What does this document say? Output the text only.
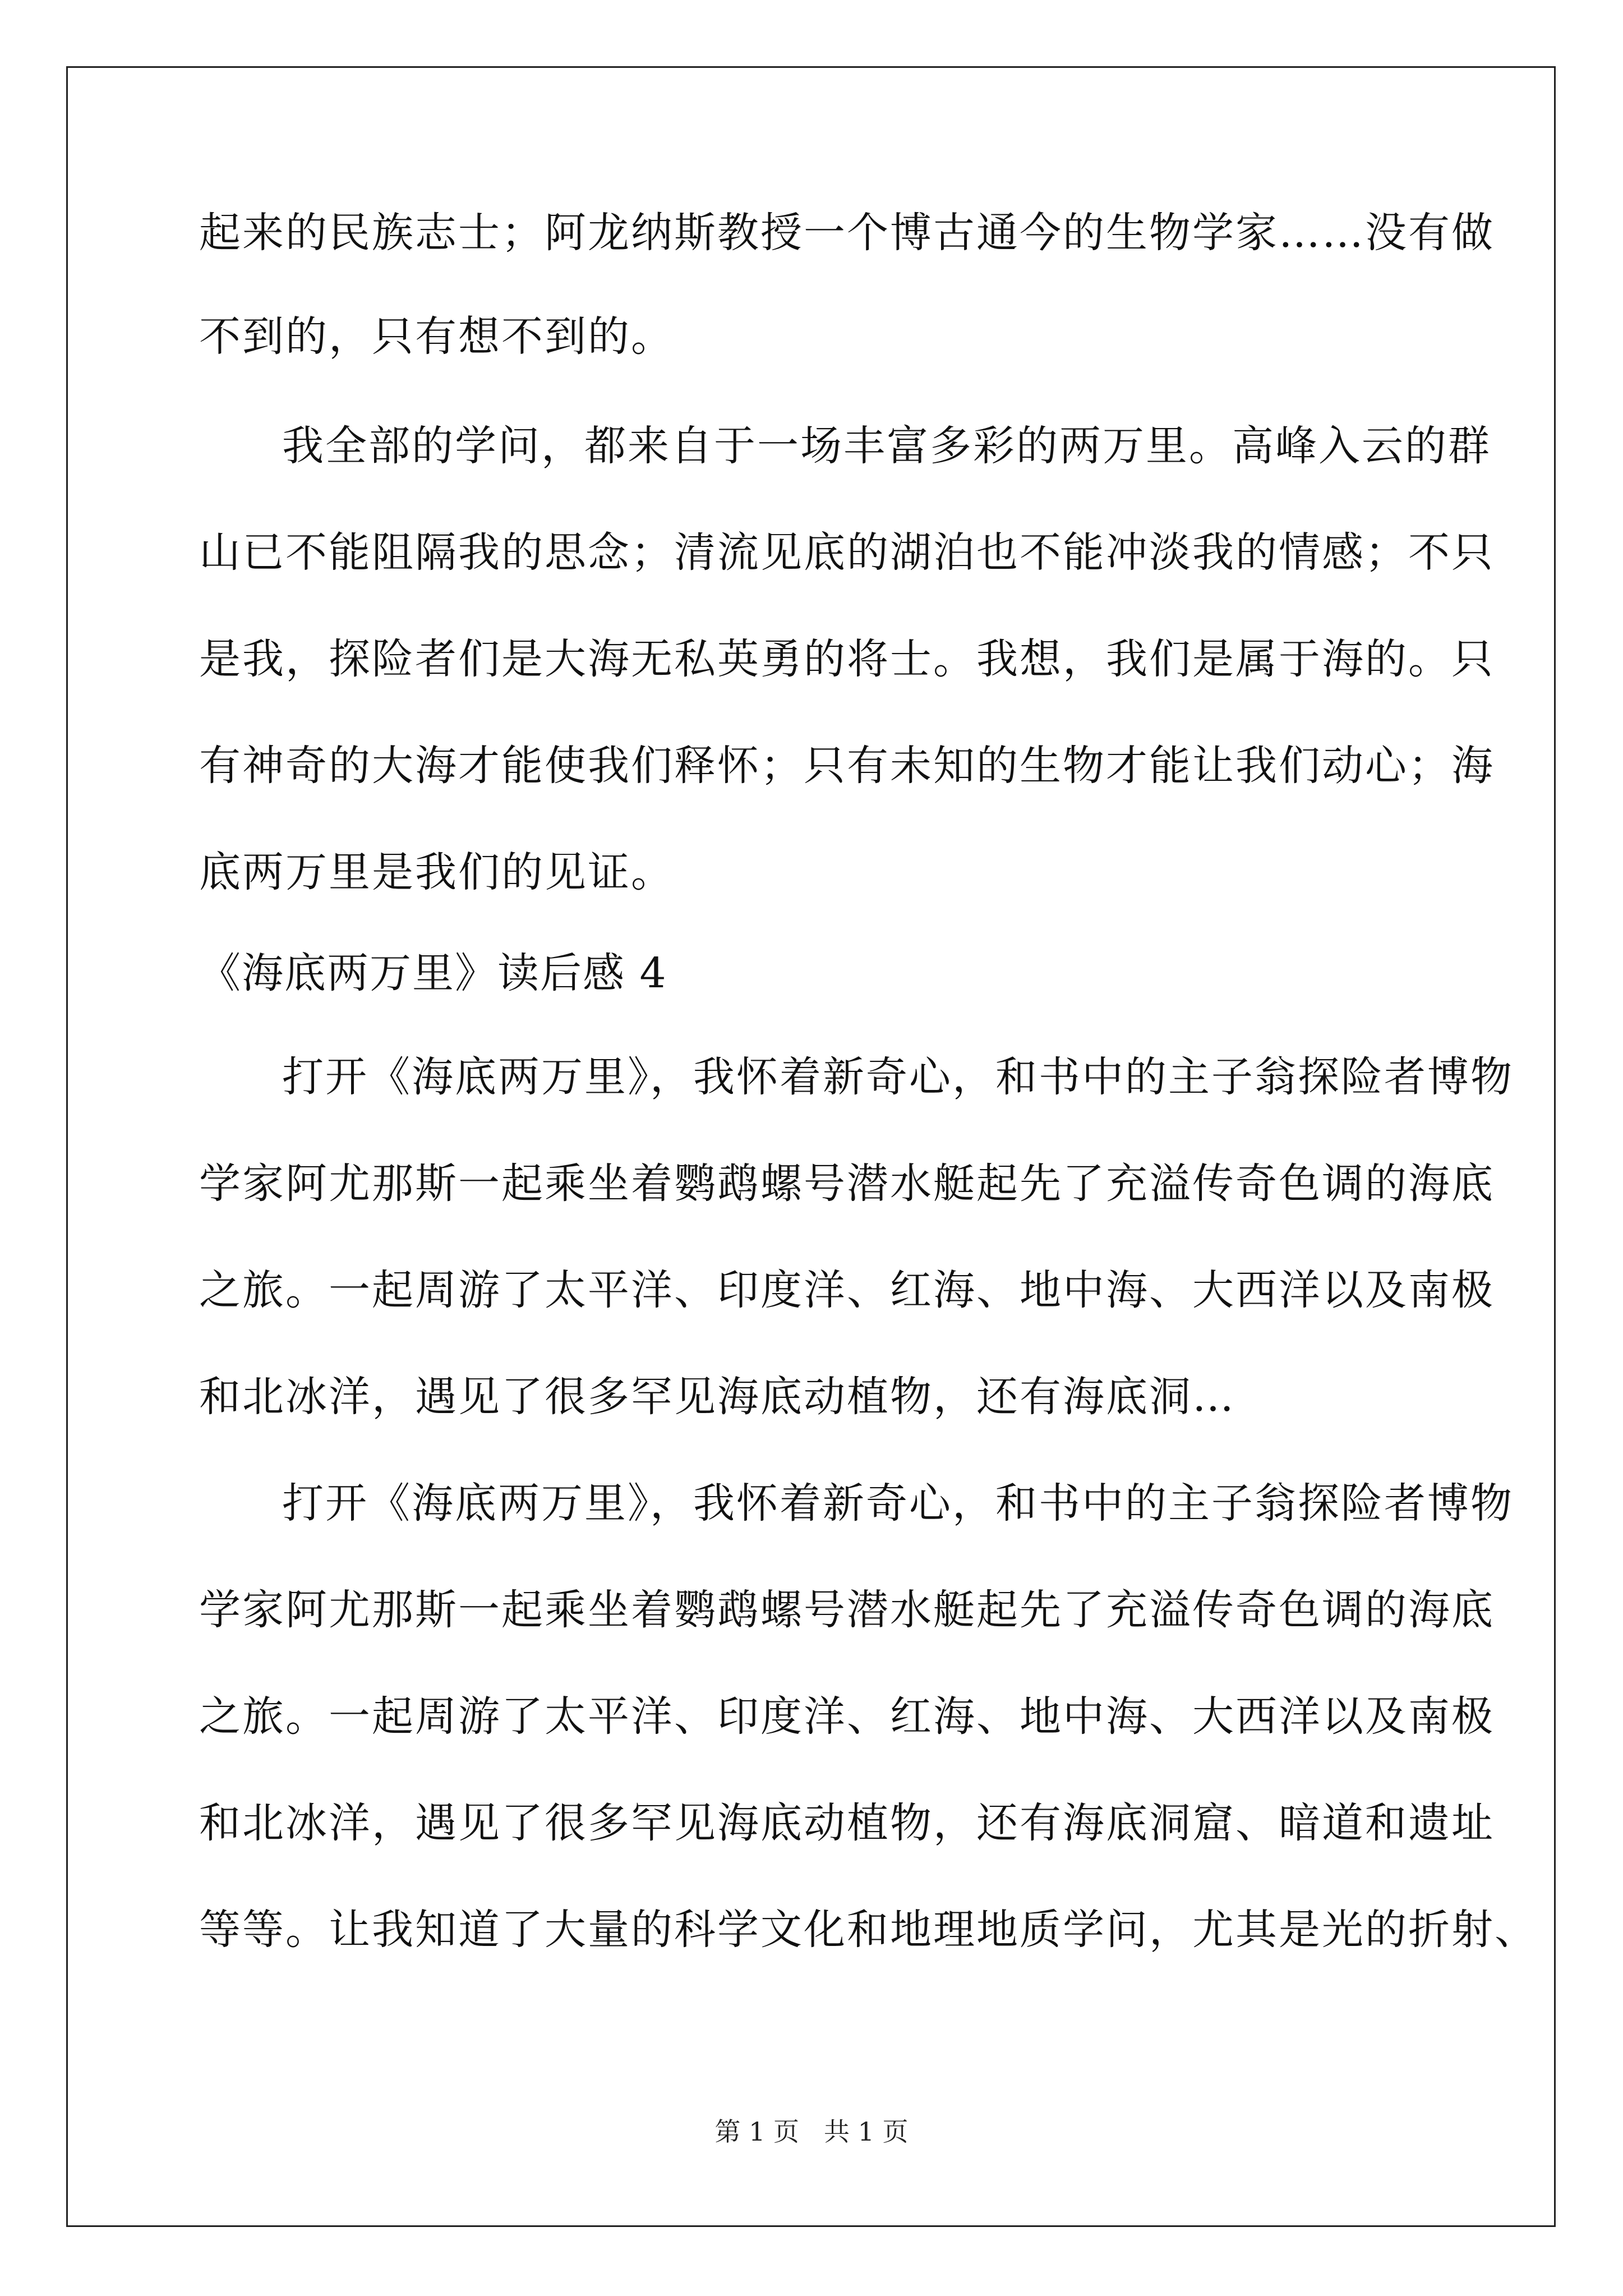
起来的民族志士；阿龙纳斯教授一个博古通今的生物学家……没有做
不到的，只有想不到的。
我全部的学问，都来自于一场丰富多彩的两万里。高峰入云的群
山已不能阻隔我的思念；清流见底的湖泊也不能冲淡我的情感；不只
是我，探险者们是大海无私英勇的将士。我想，我们是属于海的。只
有神奇的大海才能使我们释怀；只有未知的生物才能让我们动心；海
底两万里是我们的见证。
《海底两万里》读后感 4
打开《海底两万里》，我怀着新奇心，和书中的主子翁探险者博物
学家阿尤那斯一起乘坐着鹦鹉螺号潜水艇起先了充溢传奇色调的海底
之旅。一起周游了太平洋、印度洋、红海、地中海、大西洋以及南极
和北冰洋，遇见了很多罕见海底动植物，还有海底洞…
打开《海底两万里》，我怀着新奇心，和书中的主子翁探险者博物
学家阿尤那斯一起乘坐着鹦鹉螺号潜水艇起先了充溢传奇色调的海底
之旅。一起周游了太平洋、印度洋、红海、地中海、大西洋以及南极
和北冰洋，遇见了很多罕见海底动植物，还有海底洞窟、暗道和遗址
等等。让我知道了大量的科学文化和地理地质学问，尤其是光的折射、
第 1 页 共 1 页
